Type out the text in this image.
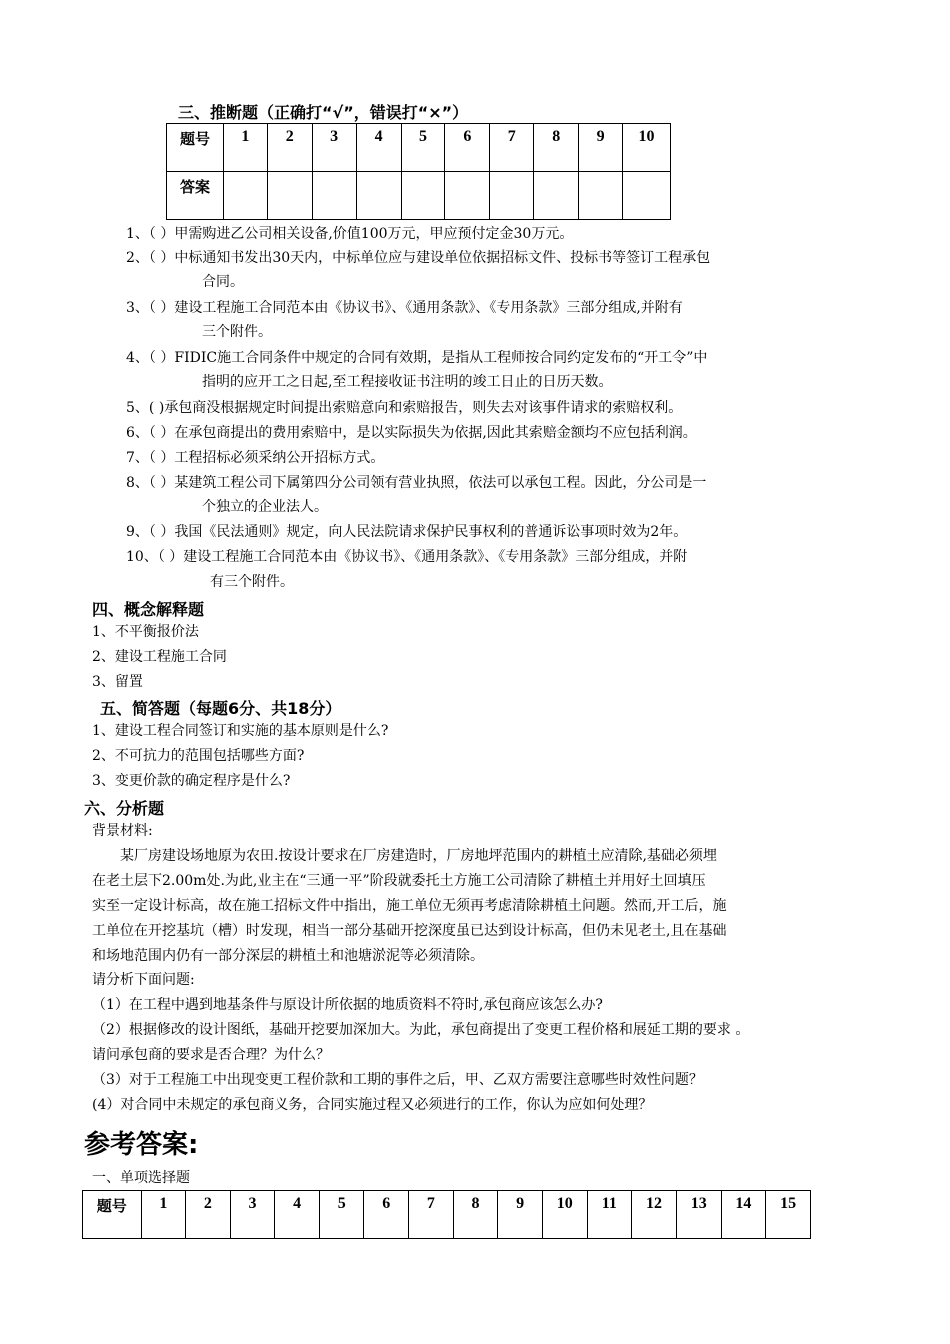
三、推断题（正确打“√”，错误打“×”）
题号	1	2	3	4	5	6	7	8	9	10
答案										
1、（ ）甲需购进乙公司相关设备,价值100万元，甲应预付定金30万元。
2、（ ）中标通知书发出30天内，中标单位应与建设单位依据招标文件、投标书等签订工程承包
合同。
3、（ ）建设工程施工合同范本由《协议书》、《通用条款》、《专用条款》三部分组成,并附有
三个附件。
4、（ ）FIDIC施工合同条件中规定的合同有效期，是指从工程师按合同约定发布的“开工令”中
指明的应开工之日起,至工程接收证书注明的竣工日止的日历天数。
5、( )承包商没根据规定时间提出索赔意向和索赔报告，则失去对该事件请求的索赔权利。
6、（ ）在承包商提出的费用索赔中，是以实际损失为依据,因此其索赔金额均不应包括利润。
7、（ ）工程招标必须采纳公开招标方式。
8、（ ）某建筑工程公司下属第四分公司领有营业执照，依法可以承包工程。因此，分公司是一
个独立的企业法人。
9、（ ）我国《民法通则》规定，向人民法院请求保护民事权利的普通诉讼事项时效为2年。
10、（ ）建设工程施工合同范本由《协议书》、《通用条款》、《专用条款》三部分组成，并附
有三个附件。
四、概念解释题
1、不平衡报价法
2、建设工程施工合同
3、留置
五、简答题（每题6分、共18分）
1、建设工程合同签订和实施的基本原则是什么?
2、不可抗力的范围包括哪些方面?
3、变更价款的确定程序是什么?
六、分析题
背景材料:
某厂房建设场地原为农田.按设计要求在厂房建造时，厂房地坪范围内的耕植土应清除,基础必须埋
在老土层下2.00m处.为此,业主在“三通一平”阶段就委托土方施工公司清除了耕植土并用好土回填压
实至一定设计标高，故在施工招标文件中指出，施工单位无须再考虑清除耕植土问题。然而,开工后，施
工单位在开挖基坑（槽）时发现，相当一部分基础开挖深度虽已达到设计标高，但仍未见老土,且在基础
和场地范围内仍有一部分深层的耕植土和池塘淤泥等必须清除。
请分析下面问题:
（1）在工程中遇到地基条件与原设计所依据的地质资料不符时,承包商应该怎么办?
（2）根据修改的设计图纸，基础开挖要加深加大。为此，承包商提出了变更工程价格和展延工期的要求 。
请问承包商的要求是否合理？为什么？
（3）对于工程施工中出现变更工程价款和工期的事件之后，甲、乙双方需要注意哪些时效性问题？
(4）对合同中未规定的承包商义务，合同实施过程又必须进行的工作，你认为应如何处理？
参考答案:
一、单项选择题
题号	1	2	3	4	5	6	7	8	9	10	11	12	13	14	15
